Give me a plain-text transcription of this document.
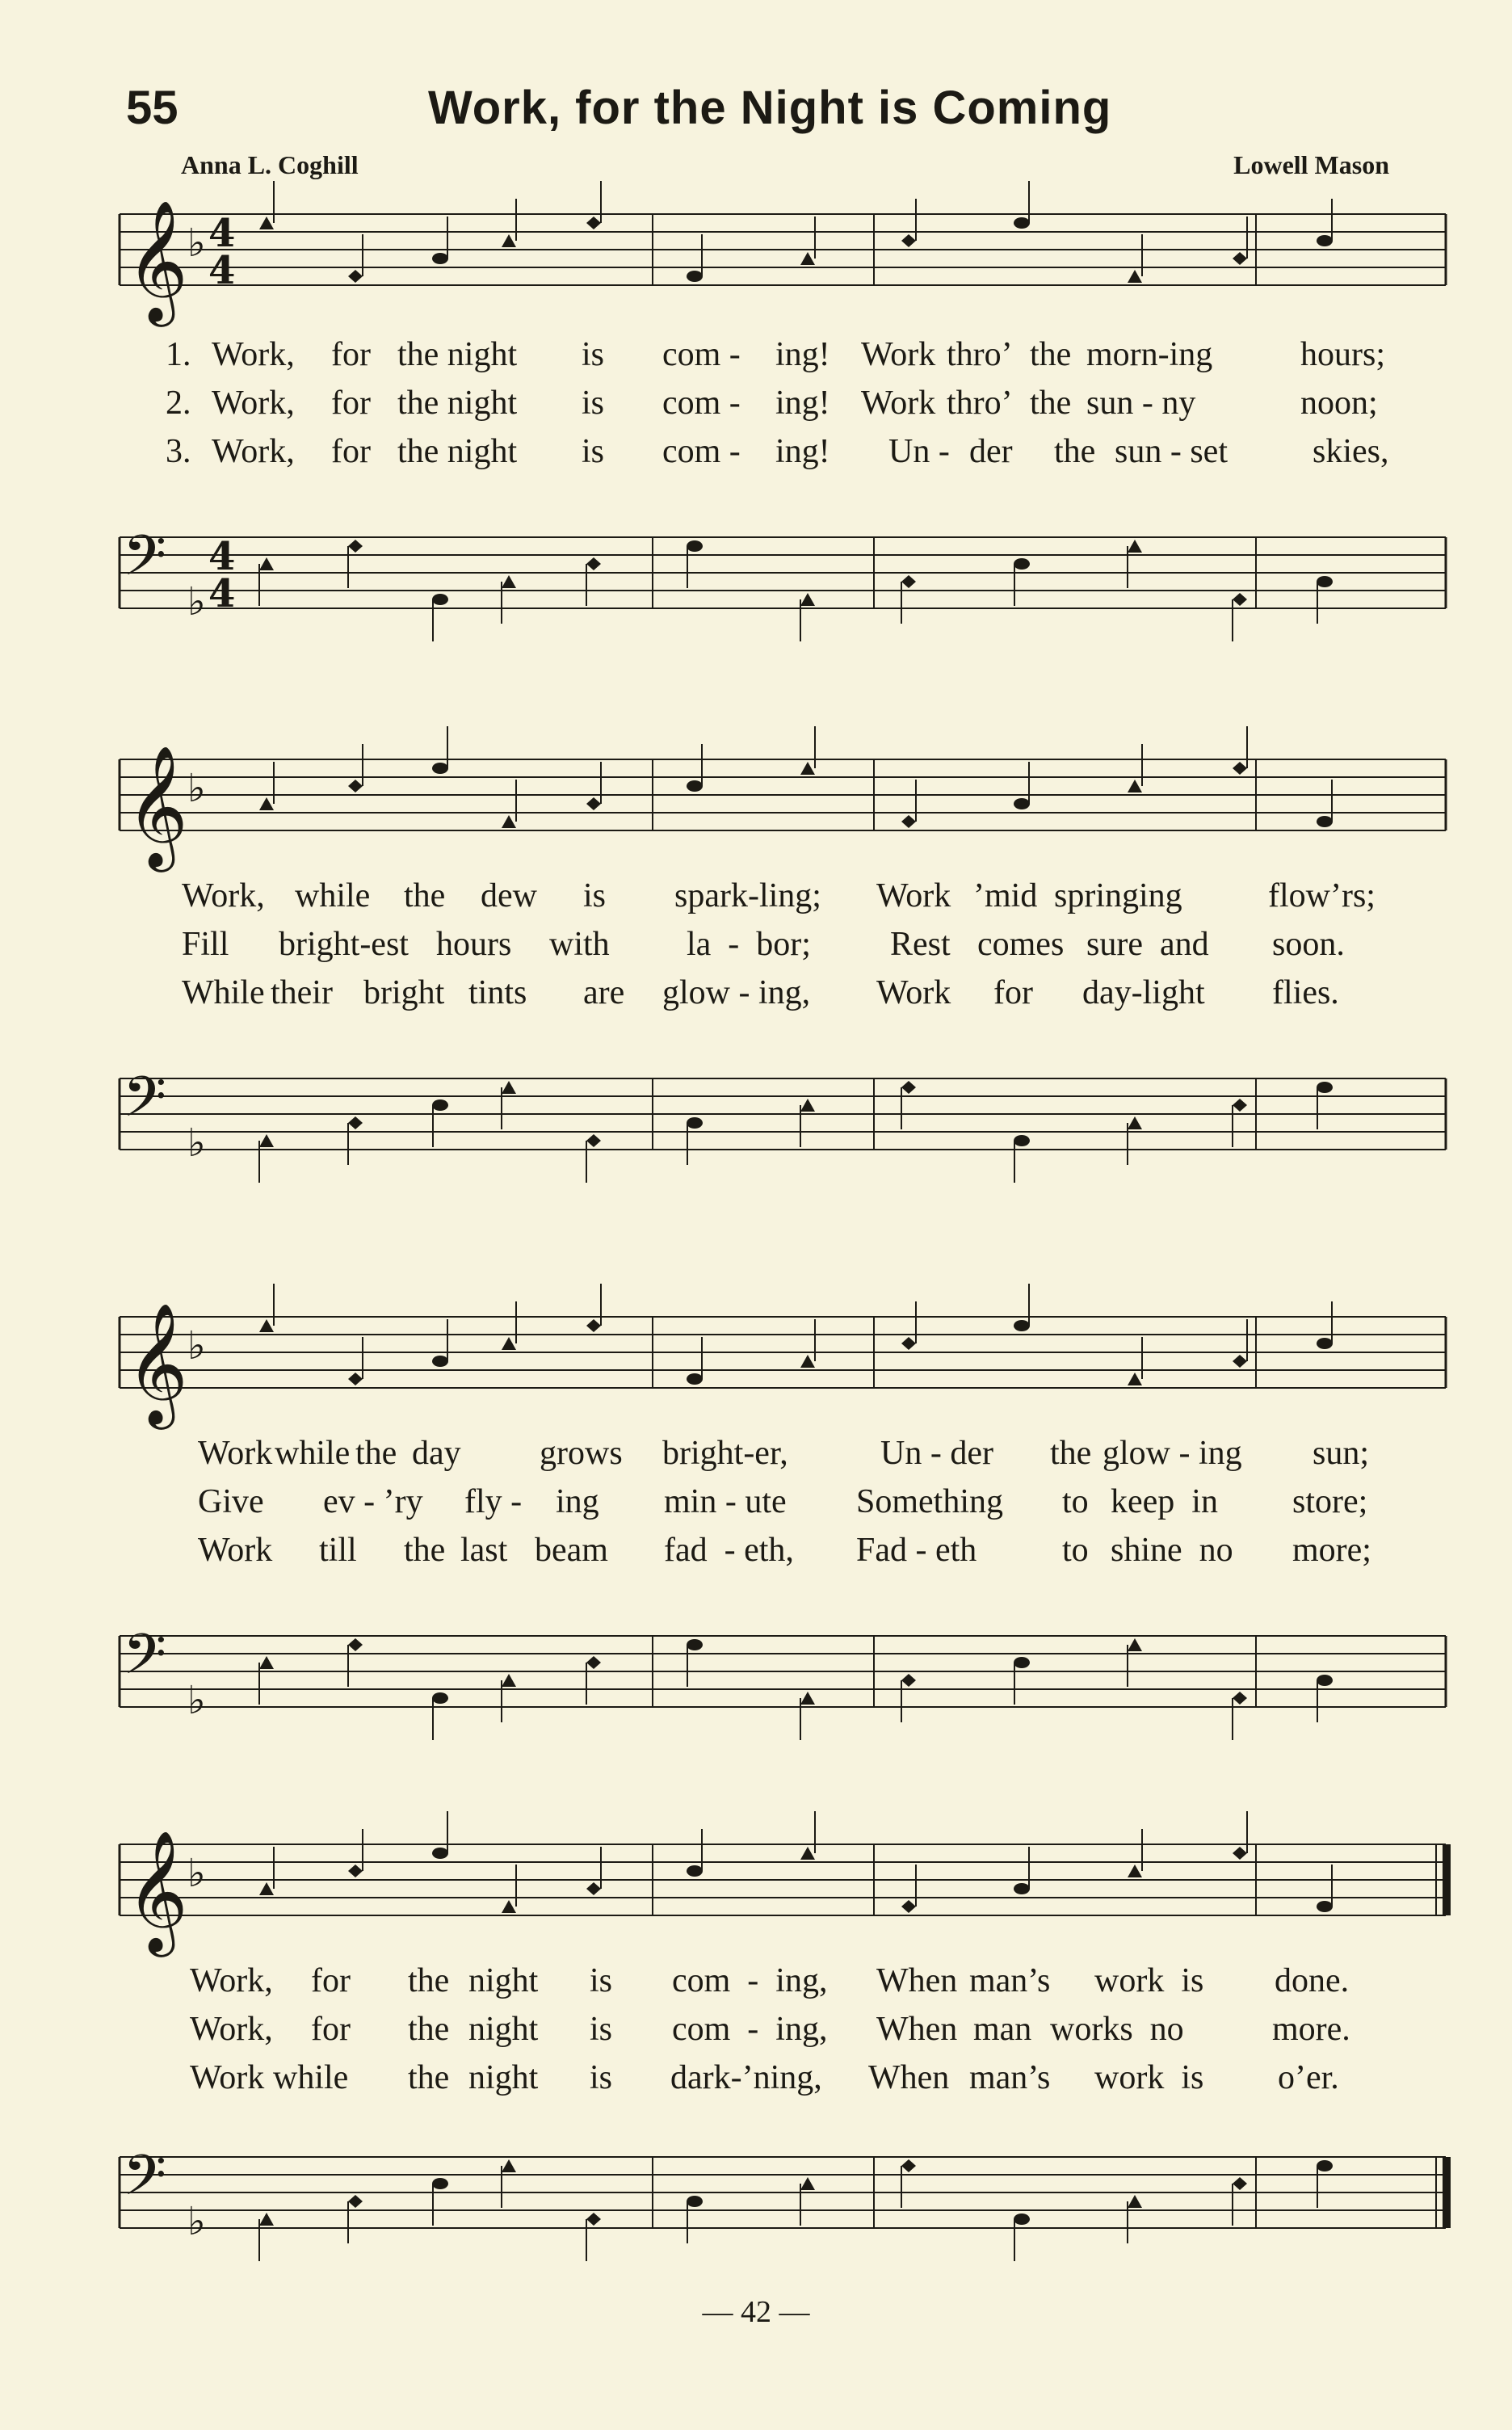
55	Work, for the Night is Coming
Anna L. Coghill	Lowell Mason
𝄞 ♭ 4
4
𝄢 ♭
4
4
𝄞 ♭
𝄢 ♭
𝄞 ♭
𝄢 ♭
𝄞 ♭
𝄢 ♭
1. Work, for the night is com - ing! Work thro’ the morn-ing	hours;
2. Work, for the night is com - ing! Work thro’ the sun - ny	noon;
3. Work, for the night is com - ing! Un - der the sun - set	skies,
Work, while the dew is spark-ling; Work ’mid springing	flow’rs;
Fill bright-est hours with la  -  bor; Rest comes sure  and soon.
While their bright tints are glow - ing, Work for day-light flies.
Work while the day grows bright-er,	Un - der the glow - ing sun;
Give ev - ’ry fly - ing min - ute Something to keep  in store;
Work till the last beam fad  - eth, Fad - eth	to shine  no more;
Work, for the night is com  -  ing, When man’s work  is done.
Work, for the night is com  -  ing, When man works  no	more.
Work while the night is dark-’ning, When man’s work  is o’er.
— 42 —
